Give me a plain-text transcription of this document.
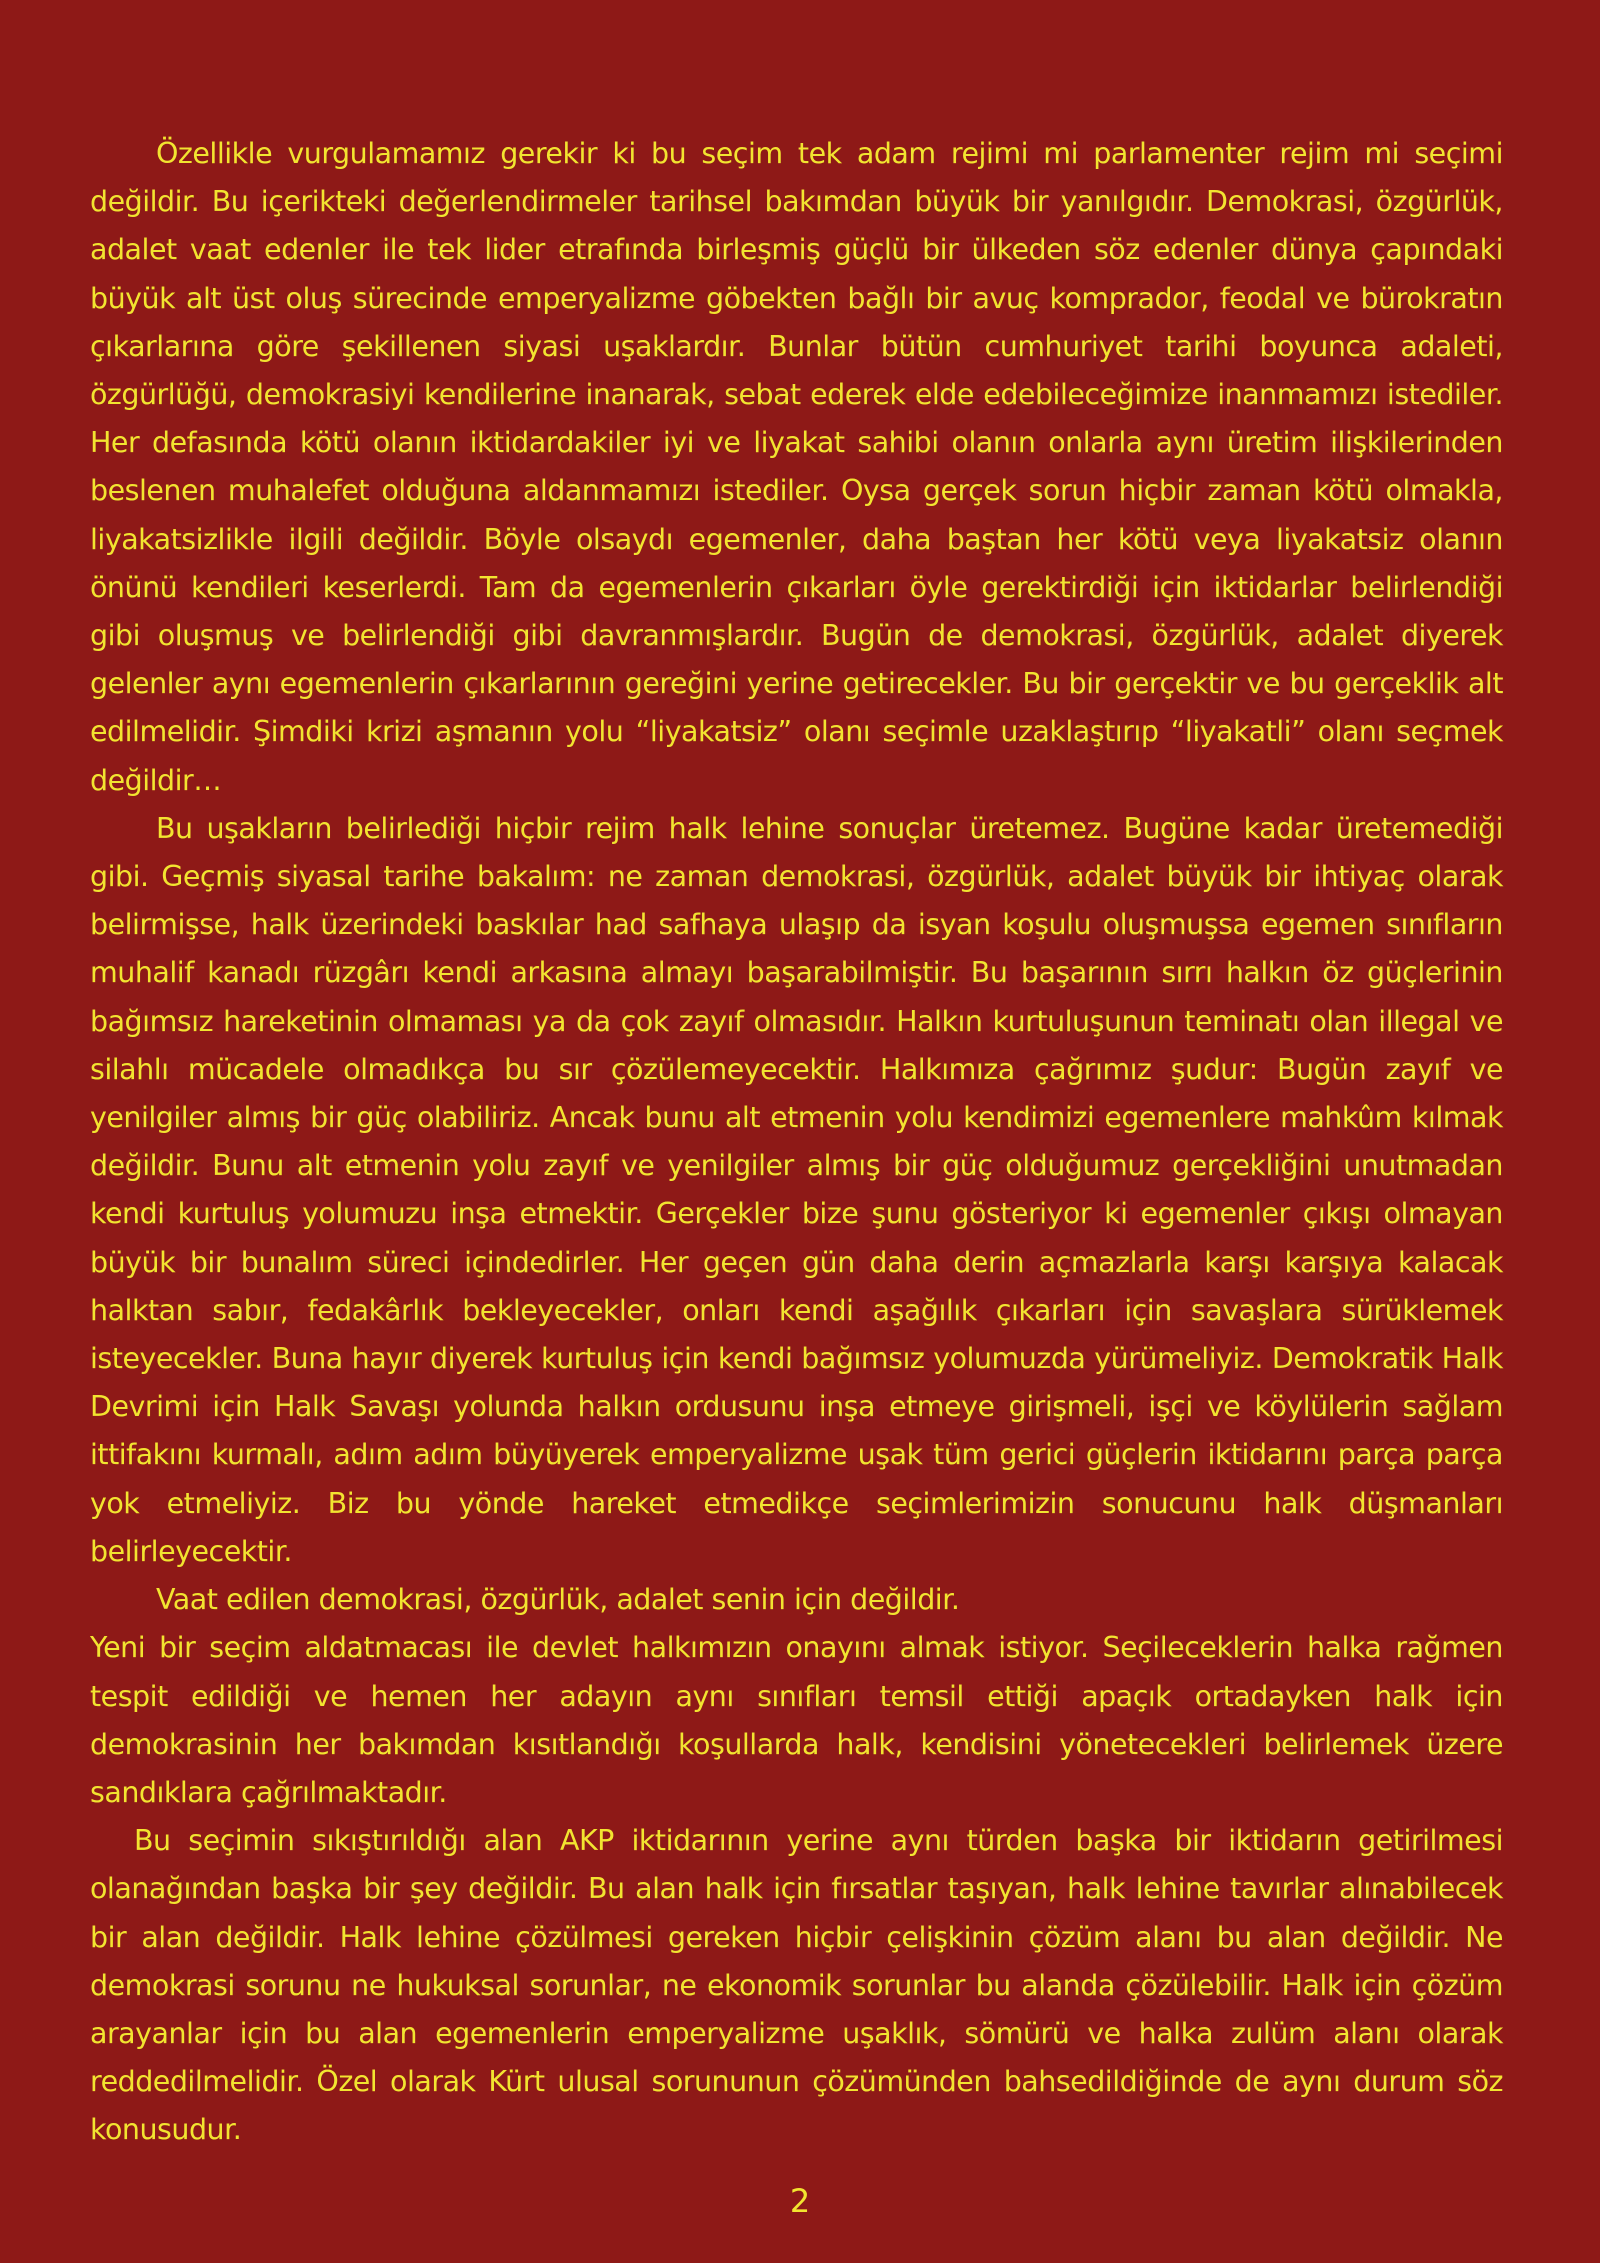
Özellikle vurgulamamız gerekir ki bu seçim tek adam rejimi mi parlamenter rejim mi seçimi değildir. Bu içerikteki değerlendirmeler tarihsel bakımdan büyük bir yanılgıdır. Demokrasi, özgürlük, adalet vaat edenler ile tek lider etrafında birleşmiş güçlü bir ülkeden söz edenler dünya çapındaki büyük alt üst oluş sürecinde emperyalizme göbekten bağlı bir avuç komprador, feodal ve bürokratın çıkarlarına göre şekillenen siyasi uşaklardır. Bunlar bütün cumhuriyet tarihi boyunca adaleti, özgürlüğü, demokrasiyi kendilerine inanarak, sebat ederek elde edebileceğimize inanmamızı istediler. Her defasında kötü olanın iktidardakiler iyi ve liyakat sahibi olanın onlarla aynı üretim ilişkilerinden beslenen muhalefet olduğuna aldanmamızı istediler. Oysa gerçek sorun hiçbir zaman kötü olmakla, liyakatsizlikle ilgili değildir. Böyle olsaydı egemenler, daha baştan her kötü veya liyakatsiz olanın önünü kendileri keserlerdi. Tam da egemenlerin çıkarları öyle gerektirdiği için iktidarlar belirlendiği gibi oluşmuş ve belirlendiği gibi davranmışlardır. Bugün de demokrasi, özgürlük, adalet diyerek gelenler aynı egemenlerin çıkarlarının gereğini yerine getirecekler. Bu bir gerçektir ve bu gerçeklik alt edilmelidir. Şimdiki krizi aşmanın yolu “liyakatsiz” olanı seçimle uzaklaştırıp “liyakatli” olanı seçmek değildir…

Bu uşakların belirlediği hiçbir rejim halk lehine sonuçlar üretemez. Bugüne kadar üretemediği gibi. Geçmiş siyasal tarihe bakalım: ne zaman demokrasi, özgürlük, adalet büyük bir ihtiyaç olarak belirmişse, halk üzerindeki baskılar had safhaya ulaşıp da isyan koşulu oluşmuşsa egemen sınıfların muhalif kanadı rüzgârı kendi arkasına almayı başarabilmiştir. Bu başarının sırrı halkın öz güçlerinin bağımsız hareketinin olmaması ya da çok zayıf olmasıdır. Halkın kurtuluşunun teminatı olan illegal ve silahlı mücadele olmadıkça bu sır çözülemeyecektir. Halkımıza çağrımız şudur: Bugün zayıf ve yenilgiler almış bir güç olabiliriz. Ancak bunu alt etmenin yolu kendimizi egemenlere mahkûm kılmak değildir. Bunu alt etmenin yolu zayıf ve yenilgiler almış bir güç olduğumuz gerçekliğini unutmadan kendi kurtuluş yolumuzu inşa etmektir. Gerçekler bize şunu gösteriyor ki egemenler çıkışı olmayan büyük bir bunalım süreci içindedirler. Her geçen gün daha derin açmazlarla karşı karşıya kalacak halktan sabır, fedakârlık bekleyecekler, onları kendi aşağılık çıkarları için savaşlara sürüklemek isteyecekler. Buna hayır diyerek kurtuluş için kendi bağımsız yolumuzda yürümeliyiz. Demokratik Halk Devrimi için Halk Savaşı yolunda halkın ordusunu inşa etmeye girişmeli, işçi ve köylülerin sağlam ittifakını kurmalı, adım adım büyüyerek emperyalizme uşak tüm gerici güçlerin iktidarını parça parça yok etmeliyiz. Biz bu yönde hareket etmedikçe seçimlerimizin sonucunu halk düşmanları belirleyecektir.

Vaat edilen demokrasi, özgürlük, adalet senin için değildir.

Yeni bir seçim aldatmacası ile devlet halkımızın onayını almak istiyor. Seçileceklerin halka rağmen tespit edildiği ve hemen her adayın aynı sınıfları temsil ettiği apaçık ortadayken halk için demokrasinin her bakımdan kısıtlandığı koşullarda halk, kendisini yönetecekleri belirlemek üzere sandıklara çağrılmaktadır.

Bu seçimin sıkıştırıldığı alan AKP iktidarının yerine aynı türden başka bir iktidarın getirilmesi olanağından başka bir şey değildir. Bu alan halk için fırsatlar taşıyan, halk lehine tavırlar alınabilecek bir alan değildir. Halk lehine çözülmesi gereken hiçbir çelişkinin çözüm alanı bu alan değildir. Ne demokrasi sorunu ne hukuksal sorunlar, ne ekonomik sorunlar bu alanda çözülebilir. Halk için çözüm arayanlar için bu alan egemenlerin emperyalizme uşaklık, sömürü ve halka zulüm alanı olarak reddedilmelidir. Özel olarak Kürt ulusal sorununun çözümünden bahsedildiğinde de aynı durum söz konusudur.

2
